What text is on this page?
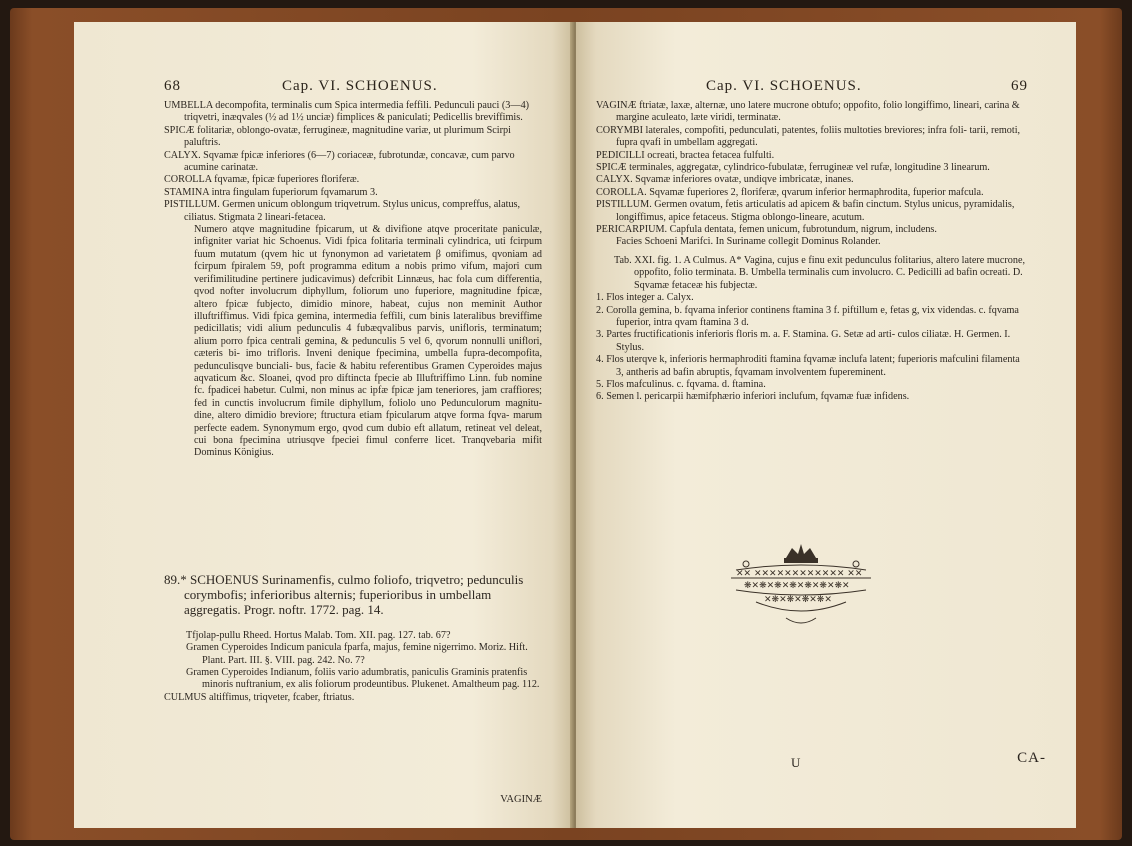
68	Cap. VI. SCHOENUS.

UMBELLA decompofita, terminalis cum Spica intermedia feffili. Pedunculi pauci (3—4) triqvetri, inæqvales (½ ad 1½ unciæ) fimplices & paniculati; Pedicellis breviffimis.

SPICÆ folitariæ, oblongo-ovatæ, ferrugineæ, magnitudine variæ, ut plurimum Scirpi paluftris.

CALYX. Sqvamæ fpicæ inferiores (6—7) coriaceæ, fubrotundæ, concavæ, cum parvo acumine carinatæ.

COROLLA fqvamæ, fpicæ fuperiores floriferæ.

STAMINA intra fingulam fuperiorum fqvamarum 3.

PISTILLUM. Germen unicum oblongum triqvetrum. Stylus unicus, compreffus, alatus, ciliatus. Stigmata 2 lineari-fetacea.

Numero atqve magnitudine fpicarum, ut & divifione atqve proceritate paniculæ, infigniter variat hic Schoenus. Vidi fpica folitaria terminali cylindrica, uti fcirpum fuum mutatum (qvem hic ut fynonymon ad varietatem β omifimus, qvoniam ad fcirpum fpiralem 59, poft programma editum a nobis primo vifum, majori cum verifimilitudine pertinere judicavimus) defcribit Linnæus, hac fola cum differentia, qvod nofter involucrum diphyllum, foliorum uno fuperiore, magnitudine fpicæ, altero fpicæ fubjecto, dimidio minore, habeat, cujus non meminit Author illuftriffimus. Vidi fpica gemina, intermedia feffili, cum binis lateralibus breviffime pedicillatis; vidi alium pedunculis 4 fubæqvalibus parvis, unifloris, terminatum; alium porro fpica centrali gemina, & pedunculis 5 vel 6, qvorum nonnulli uniflori, cæteris bi- imo triflorìs. Inveni denique fpecimina, umbella fupra-decompofita, pedunculisqve bunciali- bus, facie & habitu referentibus Gramen Cyperoides majus aqvaticum &c. Sloanei, qvod pro diftincta fpecie ab Illuftriffimo Linn. fub nomine fc. fpadicei habetur. Culmi, non minus ac ipfæ fpicæ jam teneriores, jam craffiores; fed in cunctis involucrum fimile diphyllum, foliolo uno Pedunculorum magnitu- dine, altero dimidio breviore; ftructura etiam fpicularum atqve forma fqva- marum perfecte eadem. Synonymum ergo, qvod cum dubio eft allatum, retineat vel deleat, cui bona fpecimina utriusqve fpeciei fimul conferre licet. Tranqvebaria mifit Dominus Königius.

89.* SCHOENUS Surinamenfis, culmo foliofo, triqvetro; pedunculis corymbofis; inferioribus alternis; fuperioribus in umbellam aggregatis. Progr. noftr. 1772. pag. 14.

Tfjolap-pullu Rheed. Hortus Malab. Tom. XII. pag. 127. tab. 67?

Gramen Cyperoides Indicum panicula fparfa, majus, femine nigerrimo. Moriz. Hift. Plant. Part. III. §. VIII. pag. 242. No. 7?

Gramen Cyperoides Indianum, foliis vario adumbratis, paniculis Graminis pratenfis minoris nuftranium, ex alis foliorum prodeuntibus. Plukenet. Amaltheum pag. 112.

CULMUS altiffimus, triqveter, fcaber, ftriatus.

VAGINÆ
Cap. VI. SCHOENUS.	69

VAGINÆ ftriatæ, laxæ, alternæ, uno latere mucrone obtufo; oppofito, folio longiffimo, lineari, carina & margine aculeato, læte viridi, terminatæ.

CORYMBI laterales, compofiti, pedunculati, patentes, foliis multoties breviores; infra foli- tarii, remoti, fupra qvafi in umbellam aggregati.

PEDICILLI ocreati, bractea fetacea fulfulti.

SPICÆ terminales, aggregatæ, cylindrico-fubulatæ, ferrugineæ vel rufæ, longitudine 3 linearum.

CALYX. Sqvamæ inferiores ovatæ, undiqve imbricatæ, inanes.

COROLLA. Sqvamæ fuperiores 2, floriferæ, qvarum inferior hermaphrodita, fuperior mafcula.

PISTILLUM. Germen ovatum, fetis articulatis ad apicem & bafin cinctum. Stylus unicus, pyramidalis, longiffimus, apice fetaceus. Stigma oblongo-lineare, acutum.

PERICARPIUM. Capfula dentata, femen unicum, fubrotundum, nigrum, includens.

Facies Schoeni Marifci. In Suriname collegit Dominus Rolander.

Tab. XXI. fig. 1. A Culmus. A* Vagina, cujus e finu exit pedunculus folitarius, altero latere mucrone, oppofito, folio terminata. B. Umbella terminalis cum involucro. C. Pedicilli ad bafin ocreati. D. Sqvamæ fetaceæ his fubjectæ.

1. Flos integer a. Calyx.

2. Corolla gemina, b. fqvama inferior continens ftamina 3 f. piftillum e, fetas g, vix videndas. c. fqvama fuperior, intra qvam ftamina 3 d.

3. Partes fructificationis inferioris floris m. a. F. Stamina. G. Setæ ad arti- culos ciliatæ. H. Germen. I. Stylus.

4. Flos uterqve k, inferioris hermaphroditi ftamina fqvamæ inclufa latent; fuperioris mafculini filamenta 3, antheris ad bafin abruptis, fqvamam involventem fupereminent.

5. Flos mafculinus. c. fqvama. d. ftamina.

6. Semen l. pericarpii hæmifphærio inferiori inclufum, fqvamæ fuæ infidens.

✕✕ ✕✕✕✕✕✕✕✕✕✕✕✕ ✕✕
❋✕❋✕❋✕❋✕❋✕❋✕❋✕
✕❋✕❋✕❋✕❋✕
U	CA-
